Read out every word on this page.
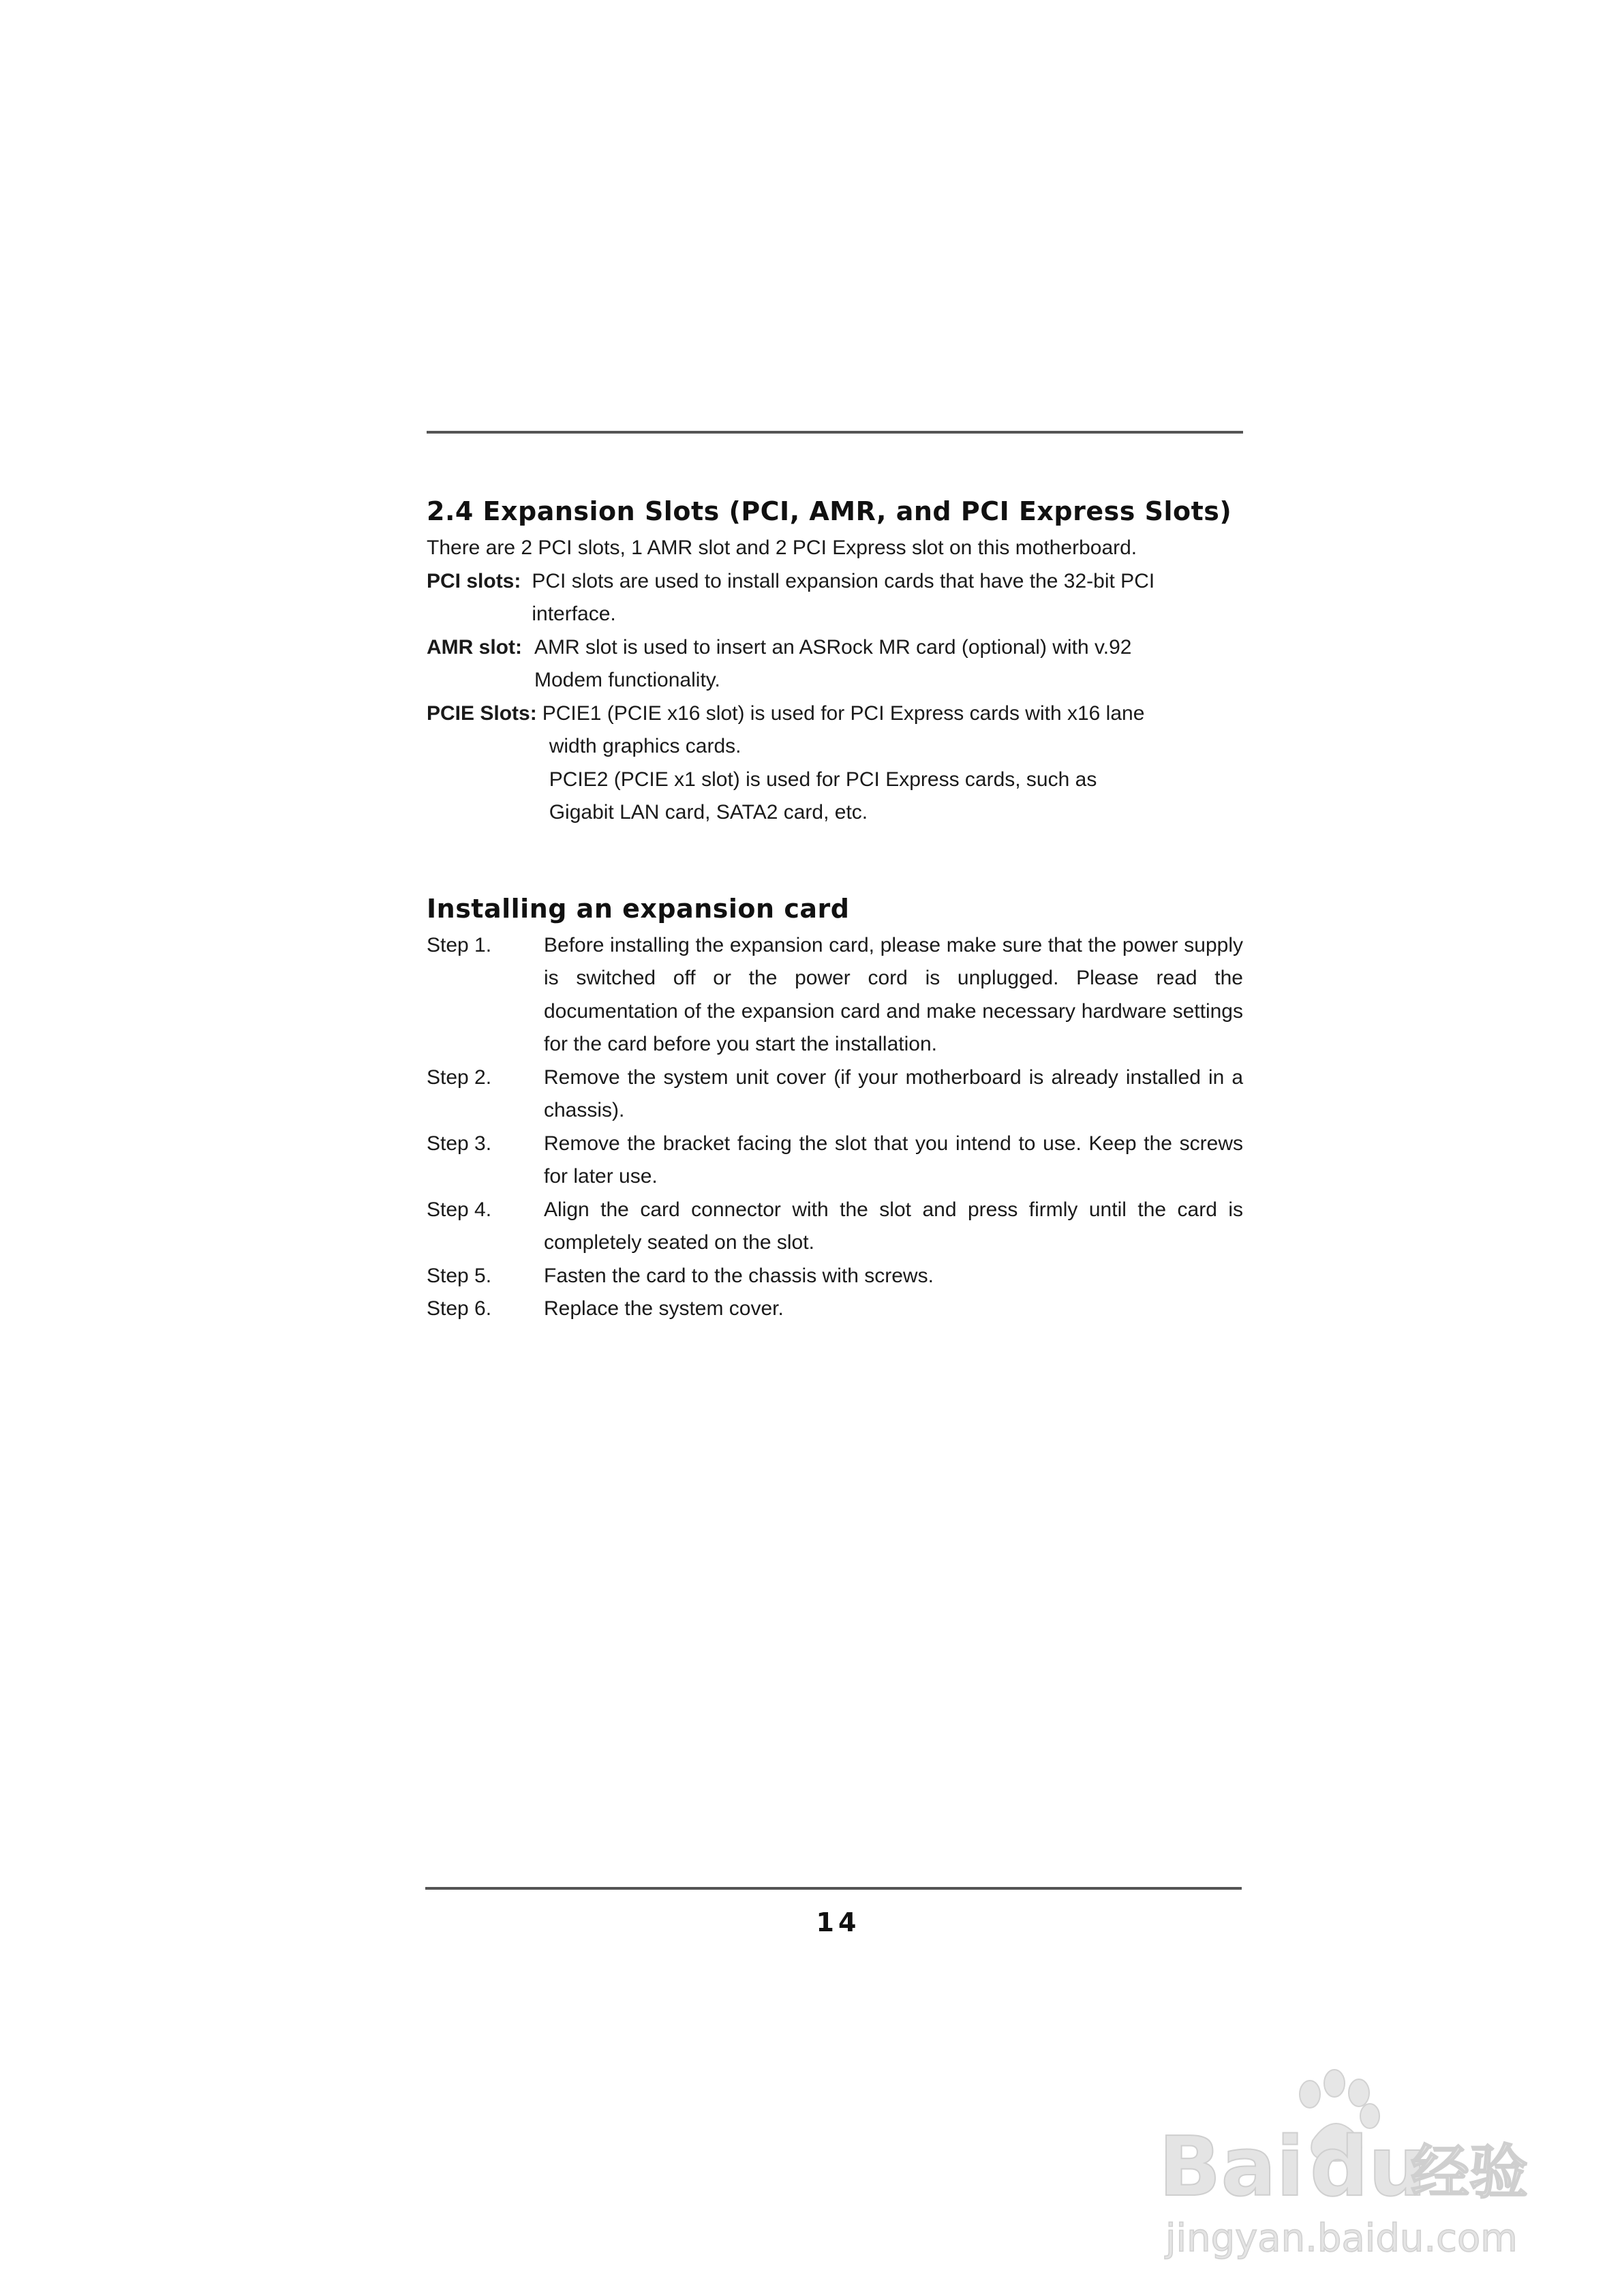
2.4 Expansion Slots (PCI, AMR, and PCI Express Slots)

There are 2 PCI slots, 1 AMR slot and 2 PCI Express slot on this motherboard.

PCI slots: PCI slots are used to install expansion cards that have the 32-bit PCI
interface.
AMR slot: AMR slot is used to insert an ASRock MR card (optional) with v.92
Modem functionality.
PCIE Slots: PCIE1 (PCIE x16 slot) is used for PCI Express cards with x16 lane
width graphics cards.
PCIE2 (PCIE x1 slot) is used for PCI Express cards, such as
Gigabit LAN card, SATA2 card, etc.
Installing an expansion card
Step 1.	Before installing the expansion card, please make sure that the power supply is switched off or the power cord is unplugged. Please read the documentation of the expansion card and make necessary hardware settings for the card before you start the installation.
Step 2.	Remove the system unit cover (if your motherboard is already installed in a chassis).
Step 3.	Remove the bracket facing the slot that you intend to use. Keep the screws for later use.
Step 4.	Align the card connector with the slot and press firmly until the card is completely seated on the slot.
Step 5.	Fasten the card to the chassis with screws.
Step 6.	Replace the system cover.
14
Bai du
经验
jingyan.baidu.com
